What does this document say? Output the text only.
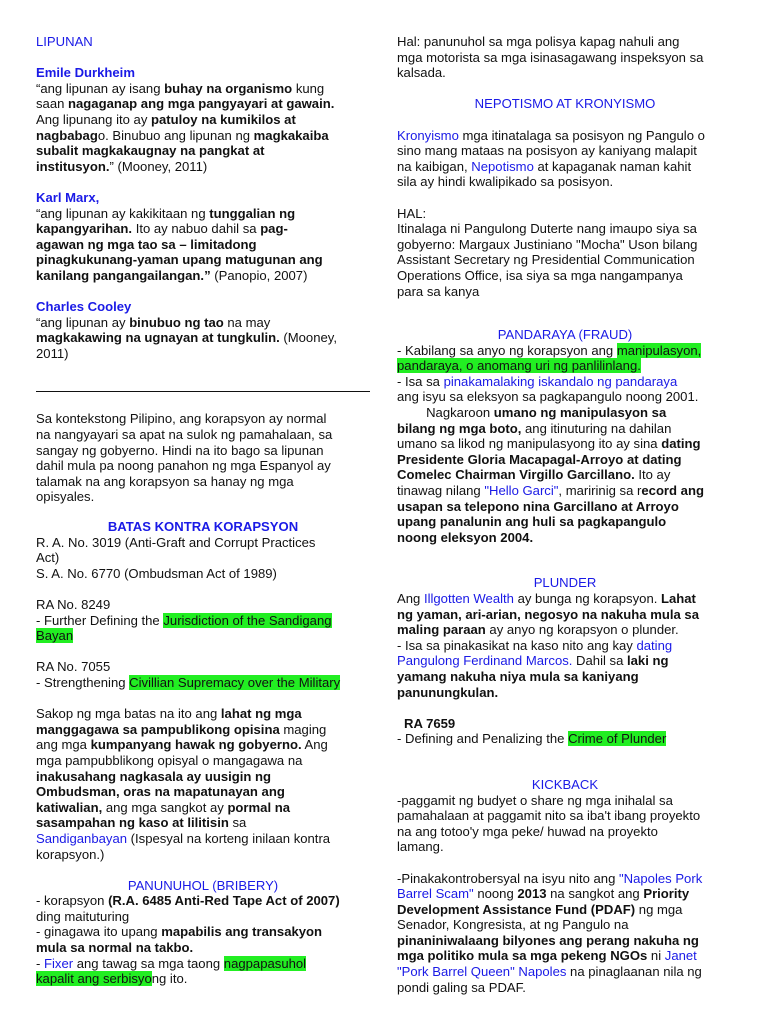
LIPUNAN

Emile Durkheim

“ang lipunan ay isang buhay na organismo kung

saan nagaganap ang mga pangyayari at gawain.

Ang lipunang ito ay patuloy na kumikilos at

nagbabago. Binubuo ang lipunan ng magkakaiba

subalit magkakaugnay na pangkat at

institusyon.” (Mooney, 2011)

Karl Marx,

“ang lipunan ay kakikitaan ng tunggalian ng

kapangyarihan. Ito ay nabuo dahil sa pag-

agawan ng mga tao sa – limitadong

pinagkukunang-yaman upang matugunan ang

kanilang pangangailangan.” (Panopio, 2007)

Charles Cooley

“ang lipunan ay binubuo ng tao na may

magkakawing na ugnayan at tungkulin. (Mooney,

2011)

Sa kontekstong Pilipino, ang korapsyon ay normal

na nangyayari sa apat na sulok ng pamahalaan, sa

sangay ng gobyerno. Hindi na ito bago sa lipunan

dahil mula pa noong panahon ng mga Espanyol ay

talamak na ang korapsyon sa hanay ng mga

opisyales.

BATAS KONTRA KORAPSYON

R. A. No. 3019 (Anti-Graft and Corrupt Practices

Act)

S. A. No. 6770 (Ombudsman Act of 1989)

RA No. 8249

- Further Defining the Jurisdiction of the Sandigang

Bayan

RA No. 7055

- Strengthening Civillian Supremacy over the Military

Sakop ng mga batas na ito ang lahat ng mga

manggagawa sa pampublikong opisina maging

ang mga kumpanyang hawak ng gobyerno. Ang

mga pampubblikong opisyal o mangagawa na

inakusahang nagkasala ay uusigin ng

Ombudsman, oras na mapatunayan ang

katiwalian, ang mga sangkot ay pormal na

sasampahan ng kaso at lilitisin sa

Sandiganbayan (Ispesyal na korteng inilaan kontra

korapsyon.)

PANUNUHOL (BRIBERY)

- korapsyon (R.A. 6485 Anti-Red Tape Act of 2007)

ding maituturing

- ginagawa ito upang mapabilis ang transakyon

mula sa normal na takbo.

- Fixer ang tawag sa mga taong nagpapasuhol

kapalit ang serbisyong ito.

Hal: panunuhol sa mga polisya kapag nahuli ang

mga motorista sa mga isinasagawang inspeksyon sa

kalsada.

NEPOTISMO AT KRONYISMO

Kronyismo mga itinatalaga sa posisyon ng Pangulo o

sino mang mataas na posisyon ay kaniyang malapit

na kaibigan, Nepotismo at kapaganak naman kahit

sila ay hindi kwalipikado sa posisyon.

HAL:

Itinalaga ni Pangulong Duterte nang imaupo siya sa

gobyerno: Margaux Justiniano "Mocha" Uson bilang

Assistant Secretary ng Presidential Communication

Operations Office, isa siya sa mga nangampanya

para sa kanya

PANDARAYA (FRAUD)

- Kabilang sa anyo ng korapsyon ang manipulasyon,

pandaraya, o anomang uri ng panlilinlang.

- Isa sa pinakamalaking iskandalo ng pandaraya

ang isyu sa eleksyon sa pagkapangulo noong 2001.

Nagkaroon umano ng manipulasyon sa

bilang ng mga boto, ang itinuturing na dahilan

umano sa likod ng manipulasyong ito ay sina dating

Presidente Gloria Macapagal-Arroyo at dating

Comelec Chairman Virgillo Garcillano. Ito ay

tinawag nilang "Hello Garci", maririnig sa record ang

usapan sa telepono nina Garcillano at Arroyo

upang panalunin ang huli sa pagkapangulo

noong eleksyon 2004.

PLUNDER

Ang Illgotten Wealth ay bunga ng korapsyon. Lahat

ng yaman, ari-arian, negosyo na nakuha mula sa

maling paraan ay anyo ng korapsyon o plunder.

- Isa sa pinakasikat na kaso nito ang kay dating

Pangulong Ferdinand Marcos. Dahil sa laki ng

yamang nakuha niya mula sa kaniyang

panunungkulan.

RA 7659

- Defining and Penalizing the Crime of Plunder

KICKBACK

-paggamit ng budyet o share ng mga inihalal sa

pamahalaan at paggamit nito sa iba't ibang proyekto

na ang totoo'y mga peke/ huwad na proyekto

lamang.

-Pinakakontrobersyal na isyu nito ang "Napoles Pork

Barrel Scam" noong 2013 na sangkot ang Priority

Development Assistance Fund (PDAF) ng mga

Senador, Kongresista, at ng Pangulo na

pinaniniwalaang bilyones ang perang nakuha ng

mga politiko mula sa mga pekeng NGOs ni Janet

"Pork Barrel Queen" Napoles na pinaglaanan nila ng

pondi galing sa PDAF.
